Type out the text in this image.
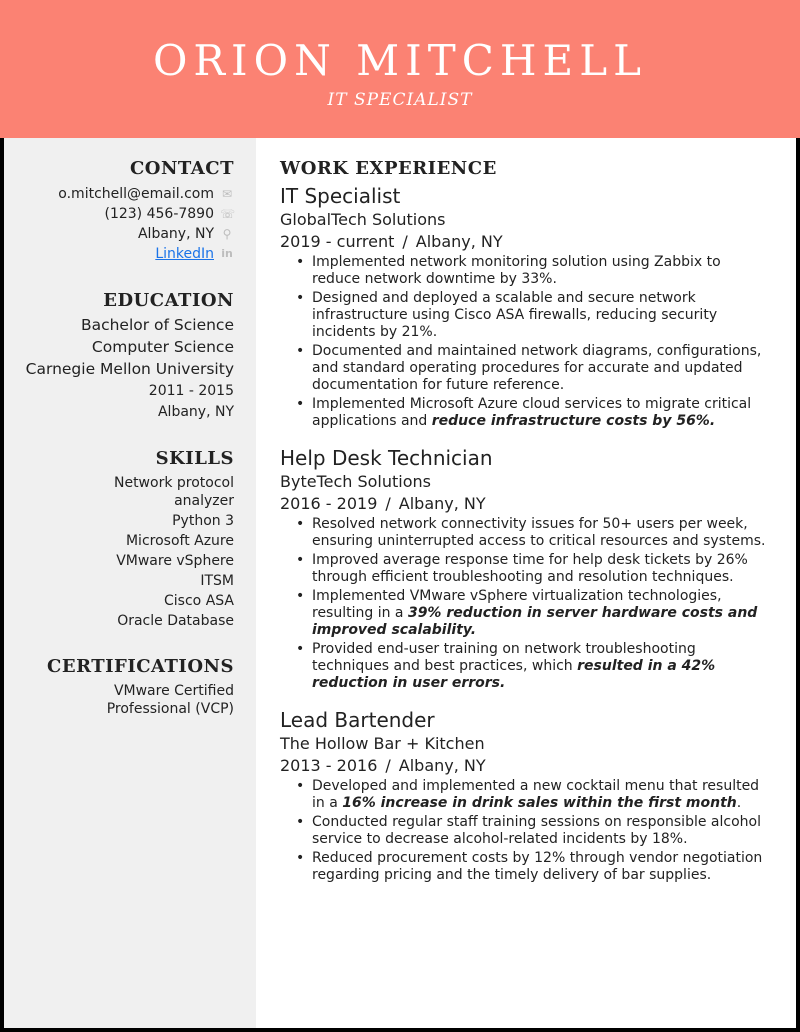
ORION MITCHELL
IT SPECIALIST
CONTACT
o.mitchell@email.com ✉
(123) 456-7890 ☏
Albany, NY ⚲
LinkedIn in
EDUCATION
Bachelor of Science
Computer Science
Carnegie Mellon University
2011 - 2015
Albany, NY
SKILLS
Network protocol analyzer
Python 3
Microsoft Azure
VMware vSphere
ITSM
Cisco ASA
Oracle Database
CERTIFICATIONS
VMware Certified Professional (VCP)
WORK EXPERIENCE
IT Specialist
GlobalTech Solutions
2019 - current / Albany, NY
• Implemented network monitoring solution using Zabbix to reduce network downtime by 33%.
• Designed and deployed a scalable and secure network infrastructure using Cisco ASA firewalls, reducing security incidents by 21%.
• Documented and maintained network diagrams, configurations, and standard operating procedures for accurate and updated documentation for future reference.
• Implemented Microsoft Azure cloud services to migrate critical applications and reduce infrastructure costs by 56%.
Help Desk Technician
ByteTech Solutions
2016 - 2019 / Albany, NY
• Resolved network connectivity issues for 50+ users per week, ensuring uninterrupted access to critical resources and systems.
• Improved average response time for help desk tickets by 26% through efficient troubleshooting and resolution techniques.
• Implemented VMware vSphere virtualization technologies, resulting in a 39% reduction in server hardware costs and improved scalability.
• Provided end-user training on network troubleshooting techniques and best practices, which resulted in a 42% reduction in user errors.
Lead Bartender
The Hollow Bar + Kitchen
2013 - 2016 / Albany, NY
• Developed and implemented a new cocktail menu that resulted in a 16% increase in drink sales within the first month.
• Conducted regular staff training sessions on responsible alcohol service to decrease alcohol-related incidents by 18%.
• Reduced procurement costs by 12% through vendor negotiation regarding pricing and the timely delivery of bar supplies.
